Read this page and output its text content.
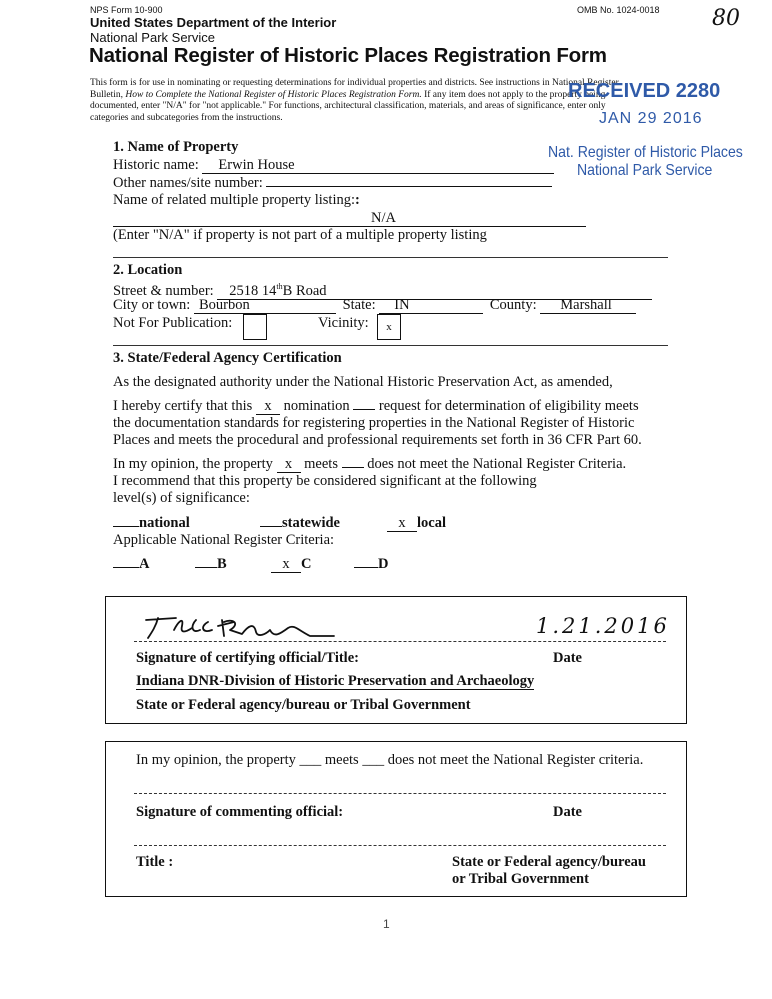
NPS Form 10-900	OMB No. 1024-0018 80
United States Department of the Interior
National Park Service
National Register of Historic Places Registration Form
This form is for use in nominating or requesting determinations for individual properties and districts. See instructions in National Register
Bulletin, How to Complete the National Register of Historic Places Registration Form. If any item does not apply to the property being
documented, enter "N/A" for "not applicable." For functions, architectural classification, materials, and areas of significance, enter only
categories and subcategories from the instructions.
RECEIVED 2280
JAN 29 2016
Nat. Register of Historic Places
National Park Service
1. Name of Property
Historic name: Erwin House
Other names/site number:
Name of related multiple property listing::
N/A
(Enter "N/A" if property is not part of a multiple property listing
2. Location
Street & number: 2518 14thB Road
City or town: Bourbon	State: IN	County: Marshall
Not For Publication:	Vicinity:	x
3. State/Federal Agency Certification
As the designated authority under the National Historic Preservation Act, as amended,
I hereby certify that this x nomination  request for determination of eligibility meets
the documentation standards for registering properties in the National Register of Historic
Places and meets the procedural and professional requirements set forth in 36 CFR Part 60.
In my opinion, the property x meets  does not meet the National Register Criteria.
I recommend that this property be considered significant at the following
level(s) of significance:
national	statewide	x local
Applicable National Register Criteria:
A	B	x C	D
1.21.2016
Signature of certifying official/Title:	Date
Indiana DNR-Division of Historic Preservation and Archaeology
State or Federal agency/bureau or Tribal Government
In my opinion, the property ___ meets ___ does not meet the National Register criteria.
Signature of commenting official:	Date
Title :	State or Federal agency/bureau
or Tribal Government
1
